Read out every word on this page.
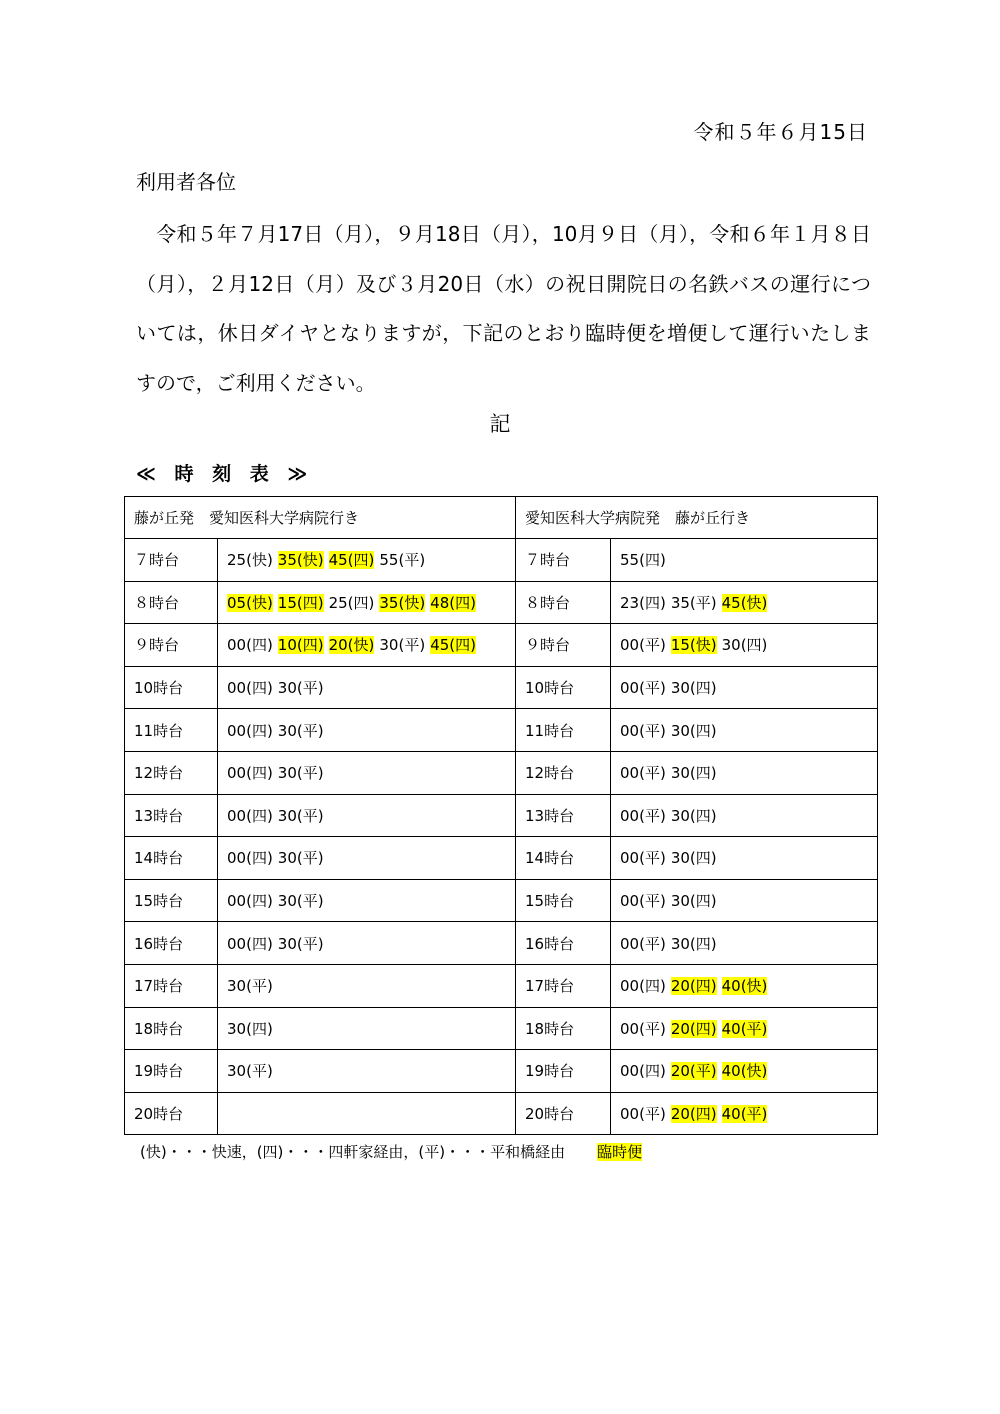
令和５年６月15日
利用者各位

　令和５年７月17日（月），９月18日（月），10月９日（月），令和６年１月８日（月），２月12日（月）及び３月20日（水）の祝日開院日の名鉄バスの運行については，休日ダイヤとなりますが，下記のとおり臨時便を増便して運行いたしますので，ご利用ください。

記
≪ 時 刻 表 ≫
藤が丘発　愛知医科大学病院行き		愛知医科大学病院発　藤が丘行き	
７時台	25(快) 35(快) 45(四) 55(平)	７時台	55(四)
８時台	05(快) 15(四) 25(四) 35(快) 48(四)	８時台	23(四) 35(平) 45(快)
９時台	00(四) 10(四) 20(快) 30(平) 45(四)	９時台	00(平) 15(快) 30(四)
10時台	00(四) 30(平)	10時台	00(平) 30(四)
11時台	00(四) 30(平)	11時台	00(平) 30(四)
12時台	00(四) 30(平)	12時台	00(平) 30(四)
13時台	00(四) 30(平)	13時台	00(平) 30(四)
14時台	00(四) 30(平)	14時台	00(平) 30(四)
15時台	00(四) 30(平)	15時台	00(平) 30(四)
16時台	00(四) 30(平)	16時台	00(平) 30(四)
17時台	30(平)	17時台	00(四) 20(四) 40(快)
18時台	30(四)	18時台	00(平) 20(四) 40(平)
19時台	30(平)	19時台	00(四) 20(平) 40(快)
20時台		20時台	00(平) 20(四) 40(平)
(快)・・・快速，(四)・・・四軒家経由，(平)・・・平和橋経由 臨時便
